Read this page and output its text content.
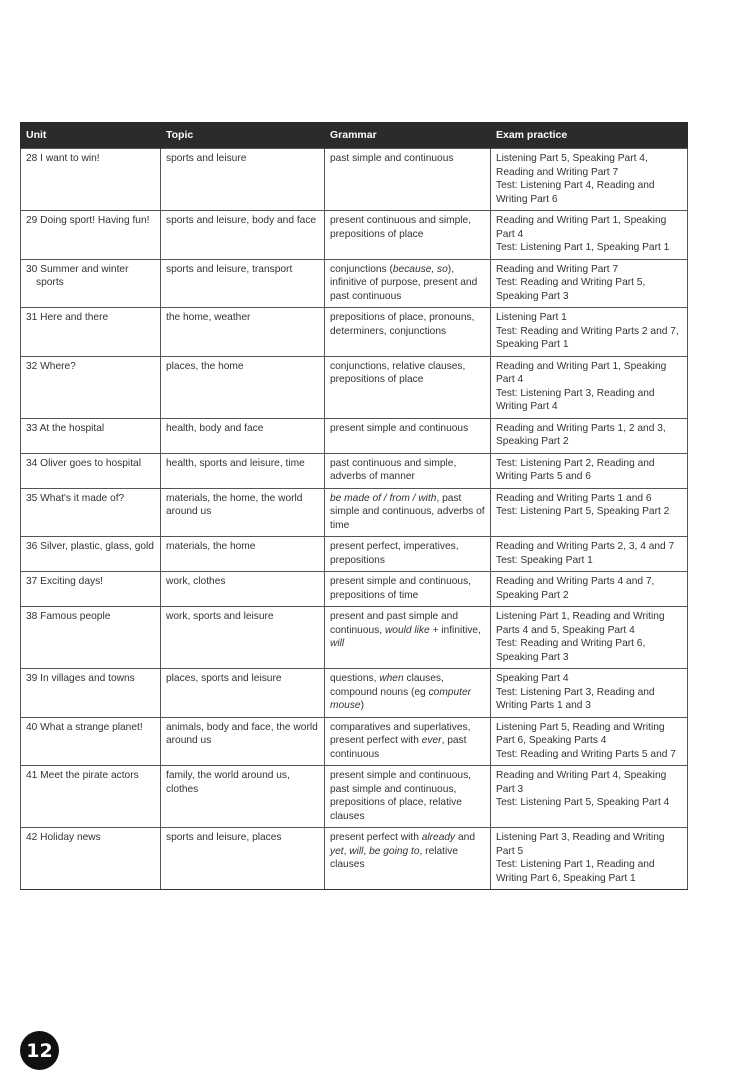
Unit	Topic	Grammar	Exam practice

28 I want to win!	sports and leisure	past simple and continuous	Listening Part 5, Speaking Part 4, Reading and Writing Part 7
Test: Listening Part 4, Reading and Writing Part 6

29 Doing sport! Having fun!	sports and leisure, body and face	present continuous and simple, prepositions of place	Reading and Writing Part 1, Speaking Part 4
Test: Listening Part 1, Speaking Part 1

30 Summer and winter sports	sports and leisure, transport	conjunctions (because, so), infinitive of purpose, present and past continuous	Reading and Writing Part 7
Test: Reading and Writing Part 5, Speaking Part 3

31 Here and there	the home, weather	prepositions of place, pronouns, determiners, conjunctions	Listening Part 1
Test: Reading and Writing Parts 2 and 7, Speaking Part 1

32 Where?	places, the home	conjunctions, relative clauses, prepositions of place	Reading and Writing Part 1, Speaking Part 4
Test: Listening Part 3, Reading and Writing Part 4

33 At the hospital	health, body and face	present simple and continuous	Reading and Writing Parts 1, 2 and 3, Speaking Part 2

34 Oliver goes to hospital	health, sports and leisure, time	past continuous and simple, adverbs of manner	Test: Listening Part 2, Reading and Writing Parts 5 and 6

35 What's it made of?	materials, the home, the world around us	be made of / from / with, past simple and continuous, adverbs of time	Reading and Writing Parts 1 and 6
Test: Listening Part 5, Speaking Part 2

36 Silver, plastic, glass, gold	materials, the home	present perfect, imperatives, prepositions	Reading and Writing Parts 2, 3, 4 and 7
Test: Speaking Part 1

37 Exciting days!	work, clothes	present simple and continuous, prepositions of time	Reading and Writing Parts 4 and 7, Speaking Part 2

38 Famous people	work, sports and leisure	present and past simple and continuous, would like + infinitive, will	Listening Part 1, Reading and Writing Parts 4 and 5, Speaking Part 4
Test: Reading and Writing Part 6, Speaking Part 3

39 In villages and towns	places, sports and leisure	questions, when clauses, compound nouns (eg computer mouse)	Speaking Part 4
Test: Listening Part 3, Reading and Writing Parts 1 and 3

40 What a strange planet!	animals, body and face, the world around us	comparatives and superlatives, present perfect with ever, past continuous	Listening Part 5, Reading and Writing Part 6, Speaking Parts 4
Test: Reading and Writing Parts 5 and 7

41 Meet the pirate actors	family, the world around us, clothes	present simple and continuous, past simple and continuous, prepositions of place, relative clauses	Reading and Writing Part 4, Speaking Part 3
Test: Listening Part 5, Speaking Part 4

42 Holiday news	sports and leisure, places	present perfect with already and yet, will, be going to, relative clauses	Listening Part 3, Reading and Writing Part 5
Test: Listening Part 1, Reading and Writing Part 6, Speaking Part 1
12
